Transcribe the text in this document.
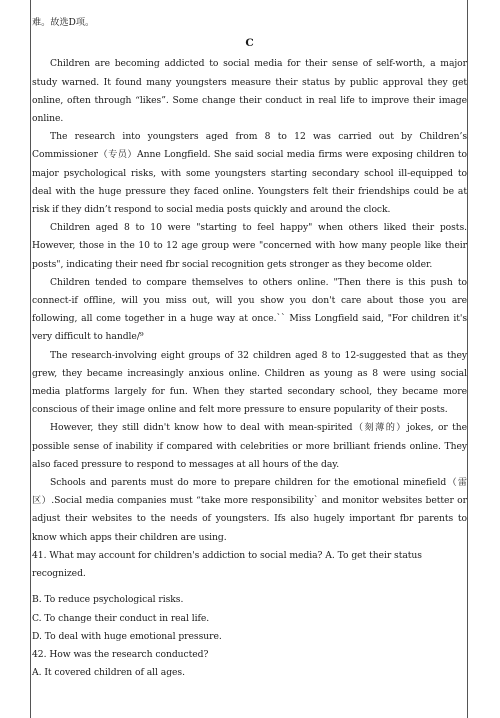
难。故选D项。

C

Children are becoming addicted to social media for their sense of self-worth, a major study warned. It found many youngsters measure their status by public approval they get online, often through “likes”. Some change their conduct in real life to improve their image online.

The research into youngsters aged from 8 to 12 was carried out by Children’s Commissioner（专员）Anne Longfield. She said social media firms were exposing children to major psychological risks, with some youngsters starting secondary school ill-equipped to deal with the huge pressure they faced online. Youngsters felt their friendships could be at risk if they didn’t respond to social media posts quickly and around the clock.

Children aged 8 to 10 were "starting to feel happy" when others liked their posts. However, those in the 10 to 12 age group were "concerned with how many people like their posts", indicating their need fbr social recognition gets stronger as they become older.

Children tended to compare themselves to others online. "Then there is this push to connect-if offline, will you miss out, will you show you don't care about those you are following, all come together in a huge way at once.`` Miss Longfield said, "For children it's very difficult to handle/⁹

The research-involving eight groups of 32 children aged 8 to 12-suggested that as they grew, they became increasingly anxious online. Children as young as 8 were using social media platforms largely for fun. When they started secondary school, they became more conscious of their image online and felt more pressure to ensure popularity of their posts.

However, they still didn't know how to deal with mean-spirited（刻薄的）jokes, or the possible sense of inability if compared with celebrities or more brilliant friends online. They also faced pressure to respond to messages at all hours of the day.

Schools and parents must do more to prepare children for the emotional minefield（雷区）.Social media companies must “take more responsibility` and monitor websites better or adjust their websites to the needs of youngsters. Ifs also hugely important fbr parents to know which apps their children are using.

41. What may account for children's addiction to social media? A. To get their status recognized.

B. To reduce psychological risks.

C. To change their conduct in real life.

D. To deal with huge emotional pressure.

42. How was the research conducted?

A. It covered children of all ages.
